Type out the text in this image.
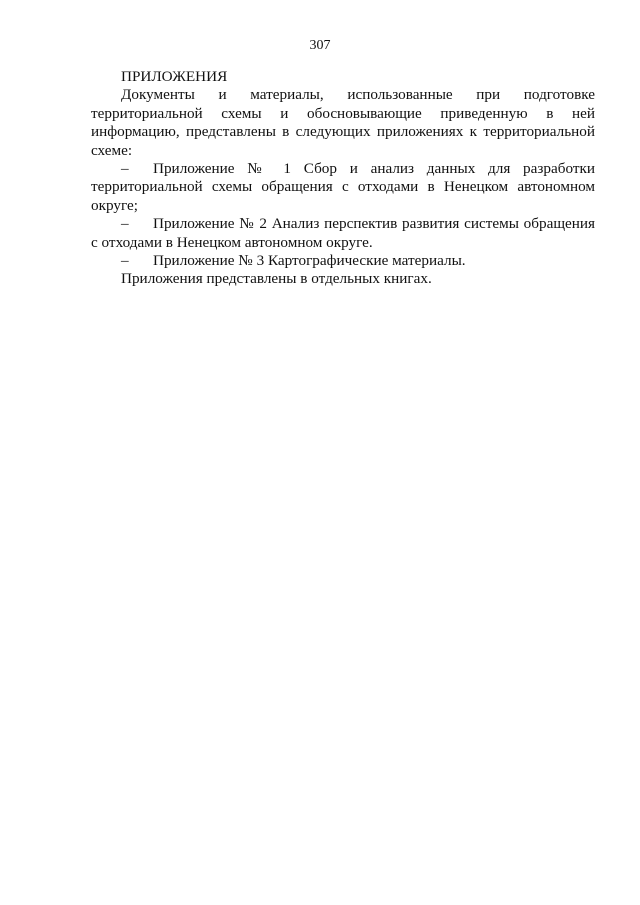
307

ПРИЛОЖЕНИЯ

Документы и материалы, использованные при подготовке территориальной схемы и обосновывающие приведенную в ней информацию, представлены в следующих приложениях к территориальной схеме:

– Приложение № 1 Сбор и анализ данных для разработки территориальной схемы обращения с отходами в Ненецком автономном округе;

– Приложение № 2 Анализ перспектив развития системы обращения с отходами в Ненецком автономном округе.

– Приложение № 3 Картографические материалы.

Приложения представлены в отдельных книгах.
